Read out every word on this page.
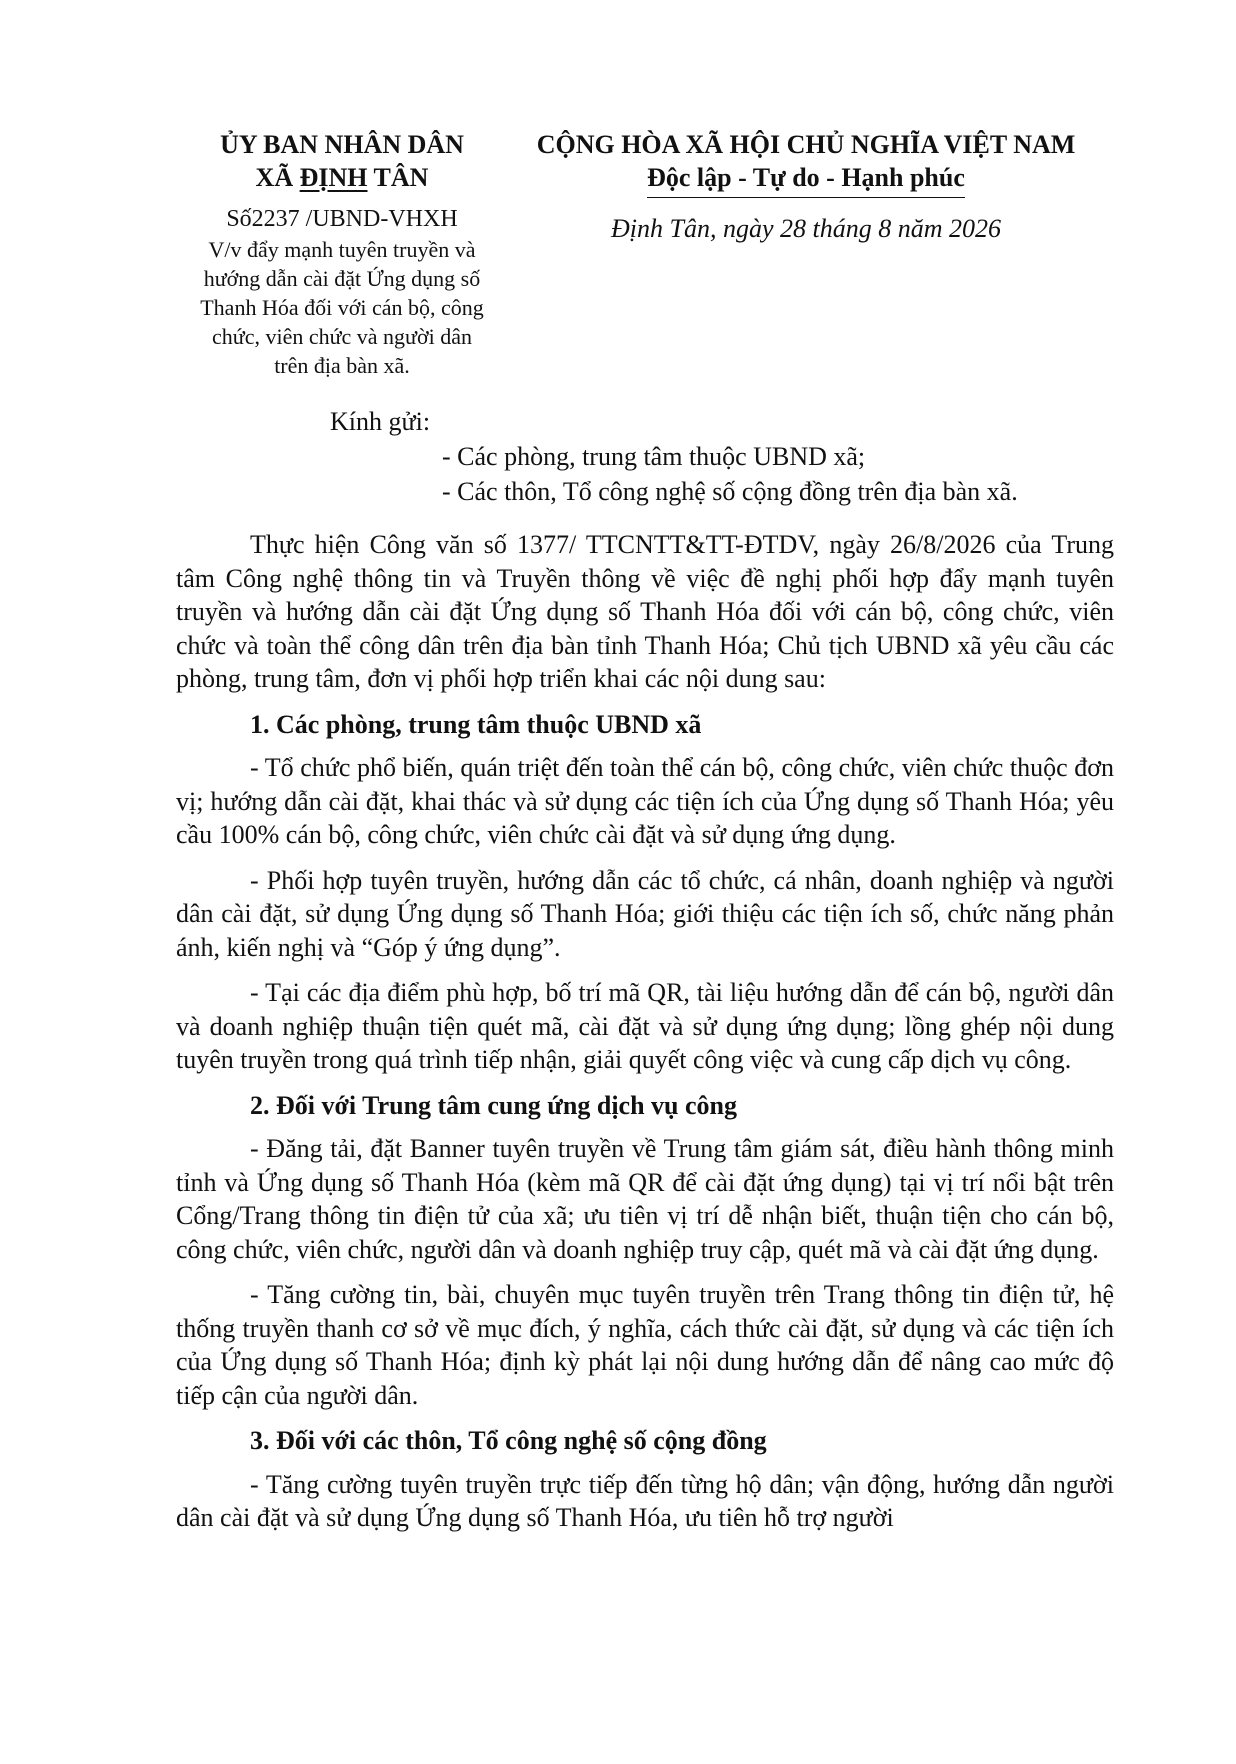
ỦY BAN NHÂN DÂN
XÃ ĐỊNH TÂN
Số2237 /UBND-VHXH
V/v đẩy mạnh tuyên truyền và
hướng dẫn cài đặt Ứng dụng số
Thanh Hóa đối với cán bộ, công
chức, viên chức và người dân
trên địa bàn xã.
CỘNG HÒA XÃ HỘI CHỦ NGHĨA VIỆT NAM
Độc lập - Tự do - Hạnh phúc
Định Tân, ngày 28 tháng 8 năm 2026
Kính gửi:
- Các phòng, trung tâm thuộc UBND xã;
- Các thôn, Tổ công nghệ số cộng đồng trên địa bàn xã.

Thực hiện Công văn số 1377/ TTCNTT&TT-ĐTDV, ngày 26/8/2026 của Trung tâm Công nghệ thông tin và Truyền thông về việc đề nghị phối hợp đẩy mạnh tuyên truyền và hướng dẫn cài đặt Ứng dụng số Thanh Hóa đối với cán bộ, công chức, viên chức và toàn thể công dân trên địa bàn tỉnh Thanh Hóa; Chủ tịch UBND xã yêu cầu các phòng, trung tâm, đơn vị phối hợp triển khai các nội dung sau:

1. Các phòng, trung tâm thuộc UBND xã

- Tổ chức phổ biến, quán triệt đến toàn thể cán bộ, công chức, viên chức thuộc đơn vị; hướng dẫn cài đặt, khai thác và sử dụng các tiện ích của Ứng dụng số Thanh Hóa; yêu cầu 100% cán bộ, công chức, viên chức cài đặt và sử dụng ứng dụng.

- Phối hợp tuyên truyền, hướng dẫn các tổ chức, cá nhân, doanh nghiệp và người dân cài đặt, sử dụng Ứng dụng số Thanh Hóa; giới thiệu các tiện ích số, chức năng phản ánh, kiến nghị và “Góp ý ứng dụng”.

- Tại các địa điểm phù hợp, bố trí mã QR, tài liệu hướng dẫn để cán bộ, người dân và doanh nghiệp thuận tiện quét mã, cài đặt và sử dụng ứng dụng; lồng ghép nội dung tuyên truyền trong quá trình tiếp nhận, giải quyết công việc và cung cấp dịch vụ công.

2. Đối với Trung tâm cung ứng dịch vụ công

- Đăng tải, đặt Banner tuyên truyền về Trung tâm giám sát, điều hành thông minh tỉnh và Ứng dụng số Thanh Hóa (kèm mã QR để cài đặt ứng dụng) tại vị trí nổi bật trên Cổng/Trang thông tin điện tử của xã; ưu tiên vị trí dễ nhận biết, thuận tiện cho cán bộ, công chức, viên chức, người dân và doanh nghiệp truy cập, quét mã và cài đặt ứng dụng.

- Tăng cường tin, bài, chuyên mục tuyên truyền trên Trang thông tin điện tử, hệ thống truyền thanh cơ sở về mục đích, ý nghĩa, cách thức cài đặt, sử dụng và các tiện ích của Ứng dụng số Thanh Hóa; định kỳ phát lại nội dung hướng dẫn để nâng cao mức độ tiếp cận của người dân.

3. Đối với các thôn, Tổ công nghệ số cộng đồng

- Tăng cường tuyên truyền trực tiếp đến từng hộ dân; vận động, hướng dẫn người dân cài đặt và sử dụng Ứng dụng số Thanh Hóa, ưu tiên hỗ trợ người
